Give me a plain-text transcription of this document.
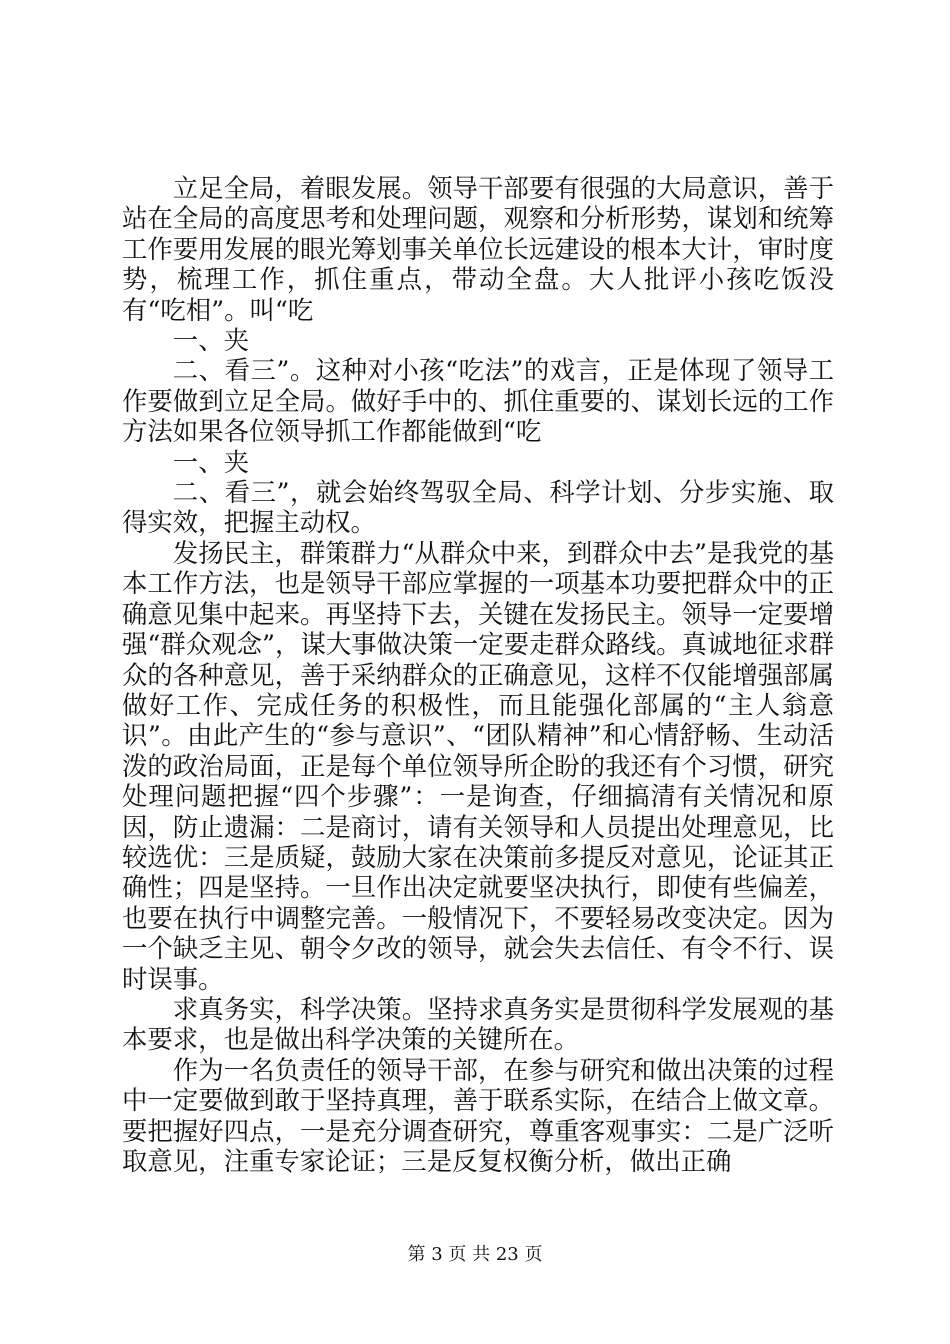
立足全局，着眼发展。领导干部要有很强的大局意识，善于站在全局的高度思考和处理问题，观察和分析形势，谋划和统筹工作要用发展的眼光筹划事关单位长远建设的根本大计，审时度势，梳理工作，抓住重点，带动全盘。大人批评小孩吃饭没有“吃相”。叫“吃

一、夹

二、看三”。这种对小孩“吃法”的戏言，正是体现了领导工作要做到立足全局。做好手中的、抓住重要的、谋划长远的工作方法如果各位领导抓工作都能做到“吃

一、夹

二、看三”，就会始终驾驭全局、科学计划、分步实施、取得实效，把握主动权。

发扬民主，群策群力“从群众中来，到群众中去”是我党的基本工作方法，也是领导干部应掌握的一项基本功要把群众中的正确意见集中起来。再坚持下去，关键在发扬民主。领导一定要增强“群众观念”，谋大事做决策一定要走群众路线。真诚地征求群众的各种意见，善于采纳群众的正确意见，这样不仅能增强部属做好工作、完成任务的积极性，而且能强化部属的“主人翁意识”。由此产生的“参与意识”、“团队精神”和心情舒畅、生动活泼的政治局面，正是每个单位领导所企盼的我还有个习惯，研究处理问题把握“四个步骤”：一是询查，仔细搞清有关情况和原因，防止遗漏：二是商讨，请有关领导和人员提出处理意见，比较选优：三是质疑，鼓励大家在决策前多提反对意见，论证其正确性；四是坚持。一旦作出决定就要坚决执行，即使有些偏差，也要在执行中调整完善。一般情况下，不要轻易改变决定。因为一个缺乏主见、朝令夕改的领导，就会失去信任、有令不行、误时误事。

求真务实，科学决策。坚持求真务实是贯彻科学发展观的基本要求，也是做出科学决策的关键所在。

作为一名负责任的领导干部，在参与研究和做出决策的过程中一定要做到敢于坚持真理，善于联系实际，在结合上做文章。要把握好四点，一是充分调查研究，尊重客观事实：二是广泛听取意见，注重专家论证；三是反复权衡分析，做出正确

第 3 页 共 23 页
